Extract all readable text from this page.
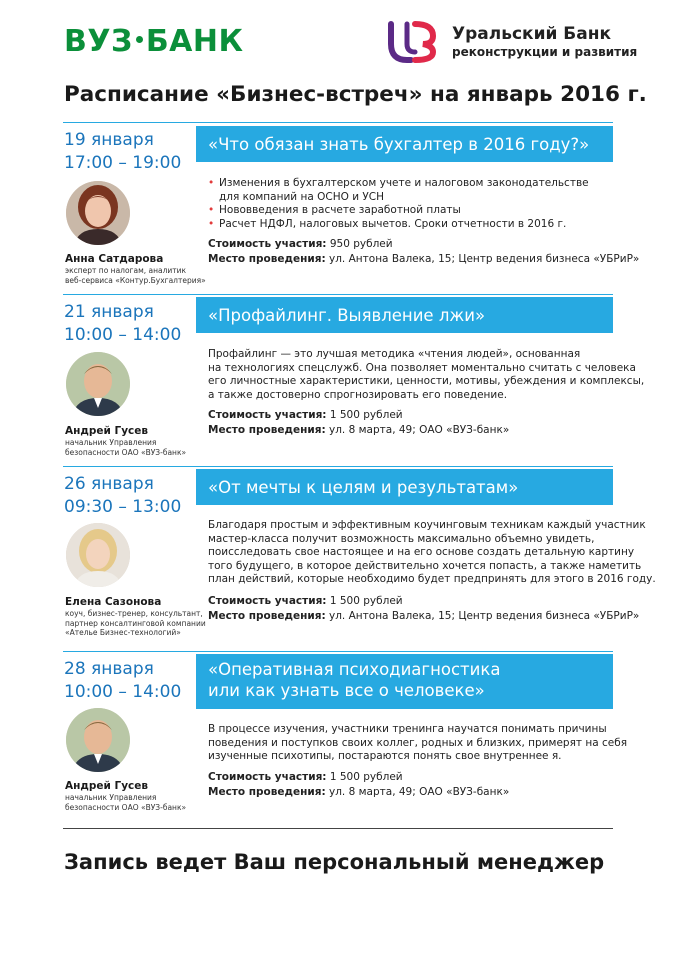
ВУЗ БАНК	Уральский Банк
реконструкции и развития
Расписание «Бизнес-встреч» на январь 2016 г.
19 января
17:00 – 19:00
«Что обязан знать бухгалтер в 2016 году?»
Анна Сатдарова
эксперт по налогам, аналитик
веб-сервиса «Контур.Бухгалтерия»
• Изменения в бухгалтерском учете и налоговом законодательстве
для компаний на ОСНО и УСН
• Нововведения в расчете заработной платы
• Расчет НДФЛ, налоговых вычетов. Сроки отчетности в 2016 г.
Стоимость участия: 950 рублей
Место проведения: ул. Антона Валека, 15; Центр ведения бизнеса «УБРиР»
21 января
10:00 – 14:00
«Профайлинг. Выявление лжи»
Андрей Гусев
начальник Управления
безопасности ОАО «ВУЗ-банк»
Профайлинг — это лучшая методика «чтения людей», основанная
на технологиях спецслужб. Она позволяет моментально считать с человека
его личностные характеристики, ценности, мотивы, убеждения и комплексы,
а также достоверно спрогнозировать его поведение.
Стоимость участия: 1 500 рублей
Место проведения: ул. 8 марта, 49; ОАО «ВУЗ-банк»
26 января
09:30 – 13:00
«От мечты к целям и результатам»
Елена Сазонова
коуч, бизнес-тренер, консультант,
партнер консалтинговой компании
«Ателье Бизнес-технологий»
Благодаря простым и эффективным коучинговым техникам каждый участник
мастер-класса получит возможность максимально объемно увидеть,
поисследовать свое настоящее и на его основе создать детальную картину
того будущего, в которое действительно хочется попасть, а также наметить
план действий, которые необходимо будет предпринять для этого в 2016 году.
Стоимость участия: 1 500 рублей
Место проведения: ул. Антона Валека, 15; Центр ведения бизнеса «УБРиР»
28 января
10:00 – 14:00
«Оперативная психодиагностика
или как узнать все о человеке»
Андрей Гусев
начальник Управления
безопасности ОАО «ВУЗ-банк»
В процессе изучения, участники тренинга научатся понимать причины
поведения и поступков своих коллег, родных и близких, примерят на себя
изученные психотипы, постараются понять свое внутреннее я.
Стоимость участия: 1 500 рублей
Место проведения: ул. 8 марта, 49; ОАО «ВУЗ-банк»
Запись ведет Ваш персональный менеджер
